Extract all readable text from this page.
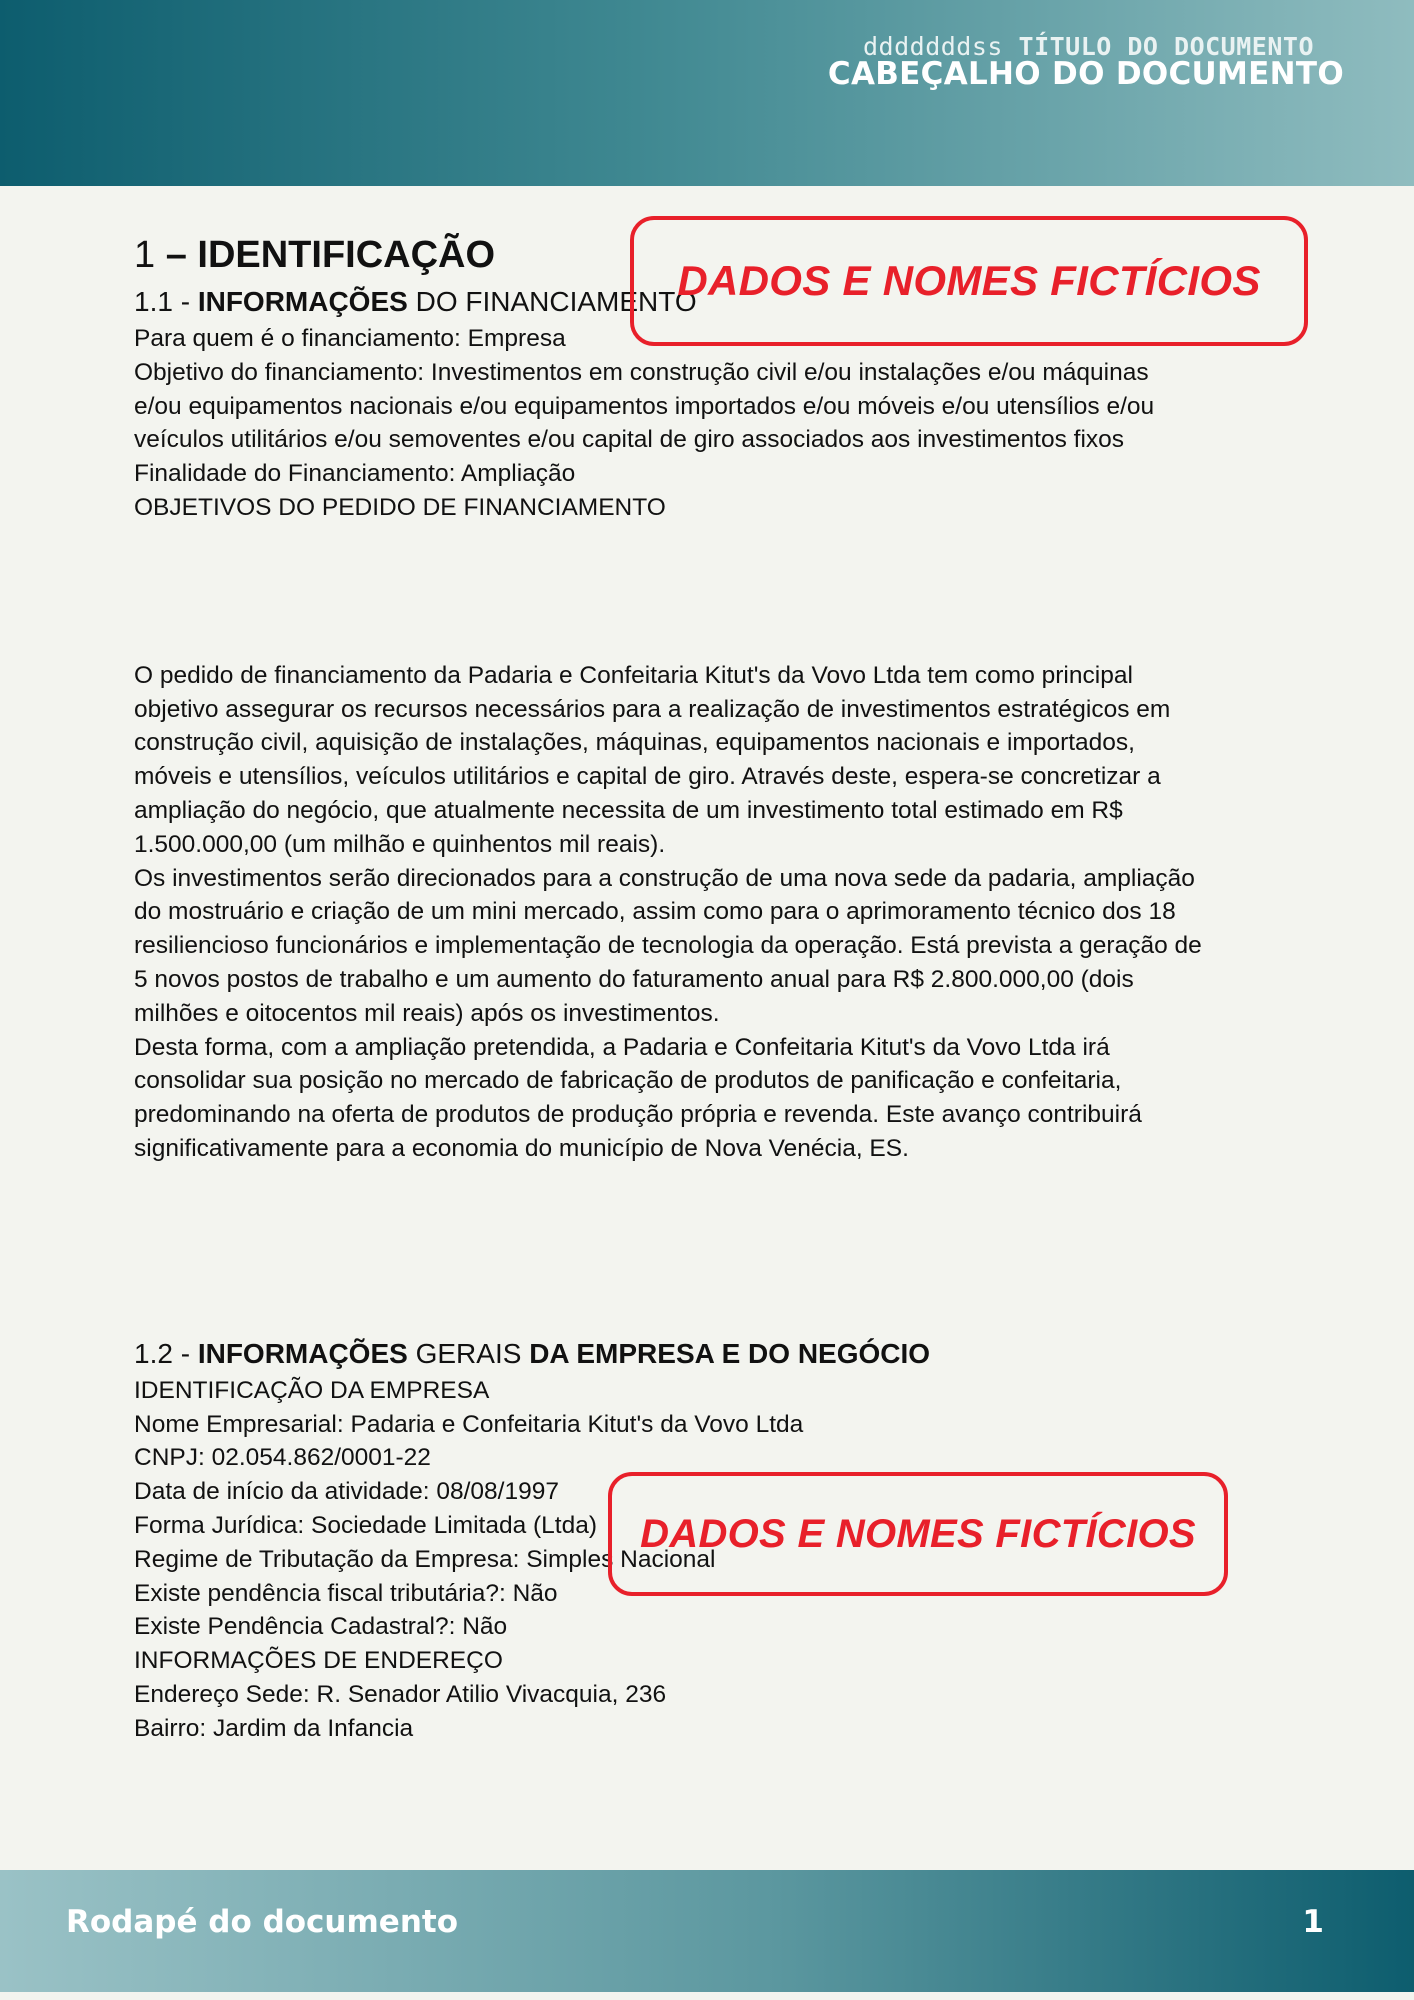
dddddddss TÍTULO DO DOCUMENTO
CABEÇALHO DO DOCUMENTO
1 – IDENTIFICAÇÃO
1.1 - INFORMAÇÕES DO FINANCIAMENTO
Para quem é o financiamento: Empresa
Objetivo do financiamento: Investimentos em construção civil e/ou instalações e/ou máquinas
e/ou equipamentos nacionais e/ou equipamentos importados e/ou móveis e/ou utensílios e/ou
veículos utilitários e/ou semoventes e/ou capital de giro associados aos investimentos fixos
Finalidade do Financiamento: Ampliação
OBJETIVOS DO PEDIDO DE FINANCIAMENTO
O pedido de financiamento da Padaria e Confeitaria Kitut's da Vovo Ltda tem como principal
objetivo assegurar os recursos necessários para a realização de investimentos estratégicos em
construção civil, aquisição de instalações, máquinas, equipamentos nacionais e importados,
móveis e utensílios, veículos utilitários e capital de giro. Através deste, espera-se concretizar a
ampliação do negócio, que atualmente necessita de um investimento total estimado em R$
1.500.000,00 (um milhão e quinhentos mil reais).
Os investimentos serão direcionados para a construção de uma nova sede da padaria, ampliação
do mostruário e criação de um mini mercado, assim como para o aprimoramento técnico dos 18
resiliencioso funcionários e implementação de tecnologia da operação. Está prevista a geração de
5 novos postos de trabalho e um aumento do faturamento anual para R$ 2.800.000,00 (dois
milhões e oitocentos mil reais) após os investimentos.
Desta forma, com a ampliação pretendida, a Padaria e Confeitaria Kitut's da Vovo Ltda irá
consolidar sua posição no mercado de fabricação de produtos de panificação e confeitaria,
predominando na oferta de produtos de produção própria e revenda. Este avanço contribuirá
significativamente para a economia do município de Nova Venécia, ES.
1.2 - INFORMAÇÕES GERAIS DA EMPRESA E DO NEGÓCIO
IDENTIFICAÇÃO DA EMPRESA
Nome Empresarial: Padaria e Confeitaria Kitut's da Vovo Ltda
CNPJ: 02.054.862/0001-22
Data de início da atividade: 08/08/1997
Forma Jurídica: Sociedade Limitada (Ltda)
Regime de Tributação da Empresa: Simples Nacional
Existe pendência fiscal tributária?: Não
Existe Pendência Cadastral?: Não
INFORMAÇÕES DE ENDEREÇO
Endereço Sede: R. Senador Atilio Vivacquia, 236
Bairro: Jardim da Infancia
DADOS E NOMES FICTÍCIOS
DADOS E NOMES FICTÍCIOS
Rodapé do documento	1
